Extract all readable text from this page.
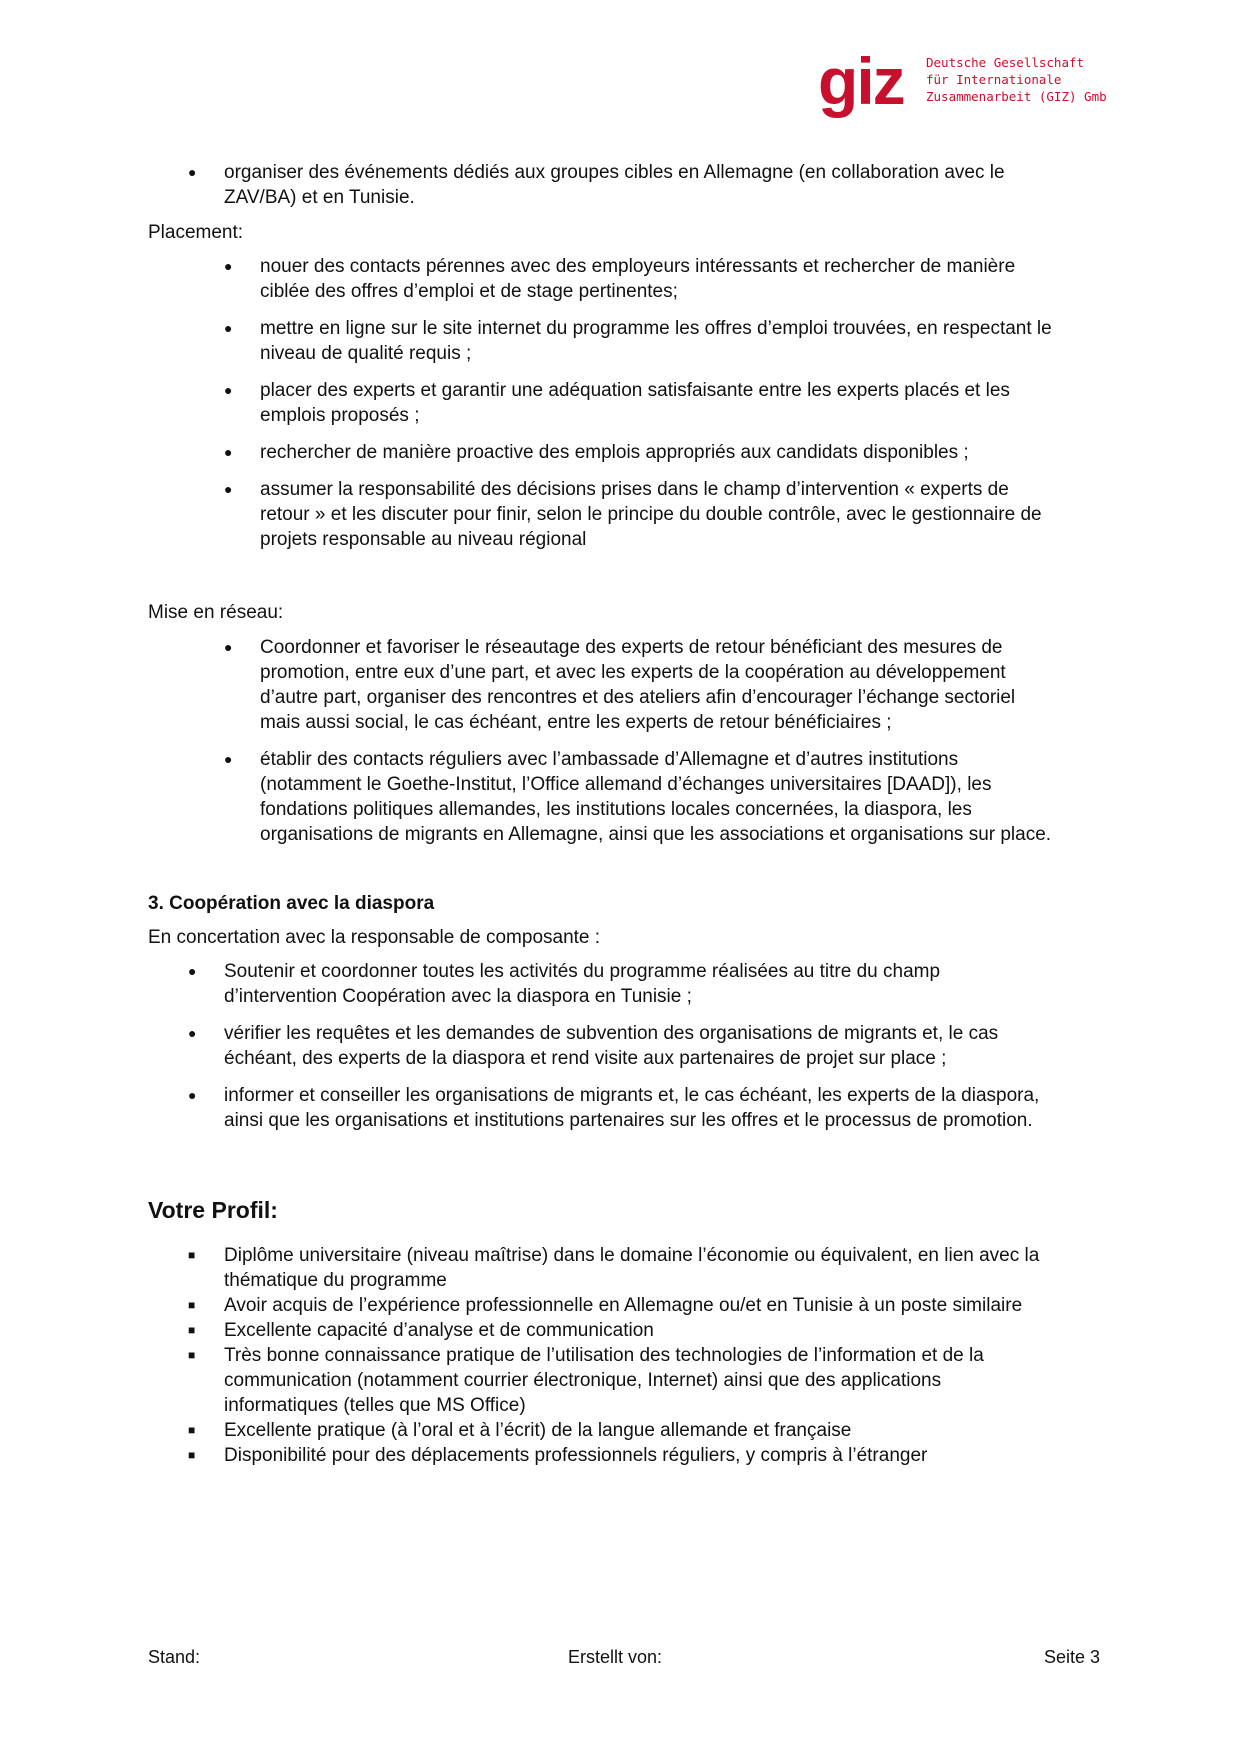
giz Deutsche Gesellschaft
für Internationale
Zusammenarbeit (GIZ) Gmb
● organiser des événements dédiés aux groupes cibles en Allemagne (en collaboration avec le ZAV/BA) et en Tunisie.

Placement:

● nouer des contacts pérennes avec des employeurs intéressants et rechercher de manière ciblée des offres d’emploi et de stage pertinentes;
● mettre en ligne sur le site internet du programme les offres d’emploi trouvées, en respectant le niveau de qualité requis ;
● placer des experts et garantir une adéquation satisfaisante entre les experts placés et les emplois proposés ;
● rechercher de manière proactive des emplois appropriés aux candidats disponibles ;
● assumer la responsabilité des décisions prises dans le champ d’intervention « experts de retour » et les discuter pour finir, selon le principe du double contrôle, avec le gestionnaire de projets responsable au niveau régional

Mise en réseau:

● Coordonner et favoriser le réseautage des experts de retour bénéficiant des mesures de promotion, entre eux d’une part, et avec les experts de la coopération au développement d’autre part, organiser des rencontres et des ateliers afin d’encourager l’échange sectoriel mais aussi social, le cas échéant, entre les experts de retour bénéficiaires ;
● établir des contacts réguliers avec l’ambassade d’Allemagne et d’autres institutions (notamment le Goethe-Institut, l’Office allemand d’échanges universitaires [DAAD]), les fondations politiques allemandes, les institutions locales concernées, la diaspora, les organisations de migrants en Allemagne, ainsi que les associations et organisations sur place.

3. Coopération avec la diaspora

En concertation avec la responsable de composante :

● Soutenir et coordonner toutes les activités du programme réalisées au titre du champ d’intervention Coopération avec la diaspora en Tunisie ;
● vérifier les requêtes et les demandes de subvention des organisations de migrants et, le cas échéant, des experts de la diaspora et rend visite aux partenaires de projet sur place ;
● informer et conseiller les organisations de migrants et, le cas échéant, les experts de la diaspora, ainsi que les organisations et institutions partenaires sur les offres et le processus de promotion.

Votre Profil:

■ Diplôme universitaire (niveau maîtrise) dans le domaine l’économie ou équivalent, en lien avec la thématique du programme
■ Avoir acquis de l’expérience professionnelle en Allemagne ou/et en Tunisie à un poste similaire
■ Excellente capacité d’analyse et de communication
■ Très bonne connaissance pratique de l’utilisation des technologies de l’information et de la communication (notamment courrier électronique, Internet) ainsi que des applications informatiques (telles que MS Office)
■ Excellente pratique (à l’oral et à l’écrit) de la langue allemande et française
■ Disponibilité pour des déplacements professionnels réguliers, y compris à l’étranger
Stand:	Erstellt von:	Seite 3
